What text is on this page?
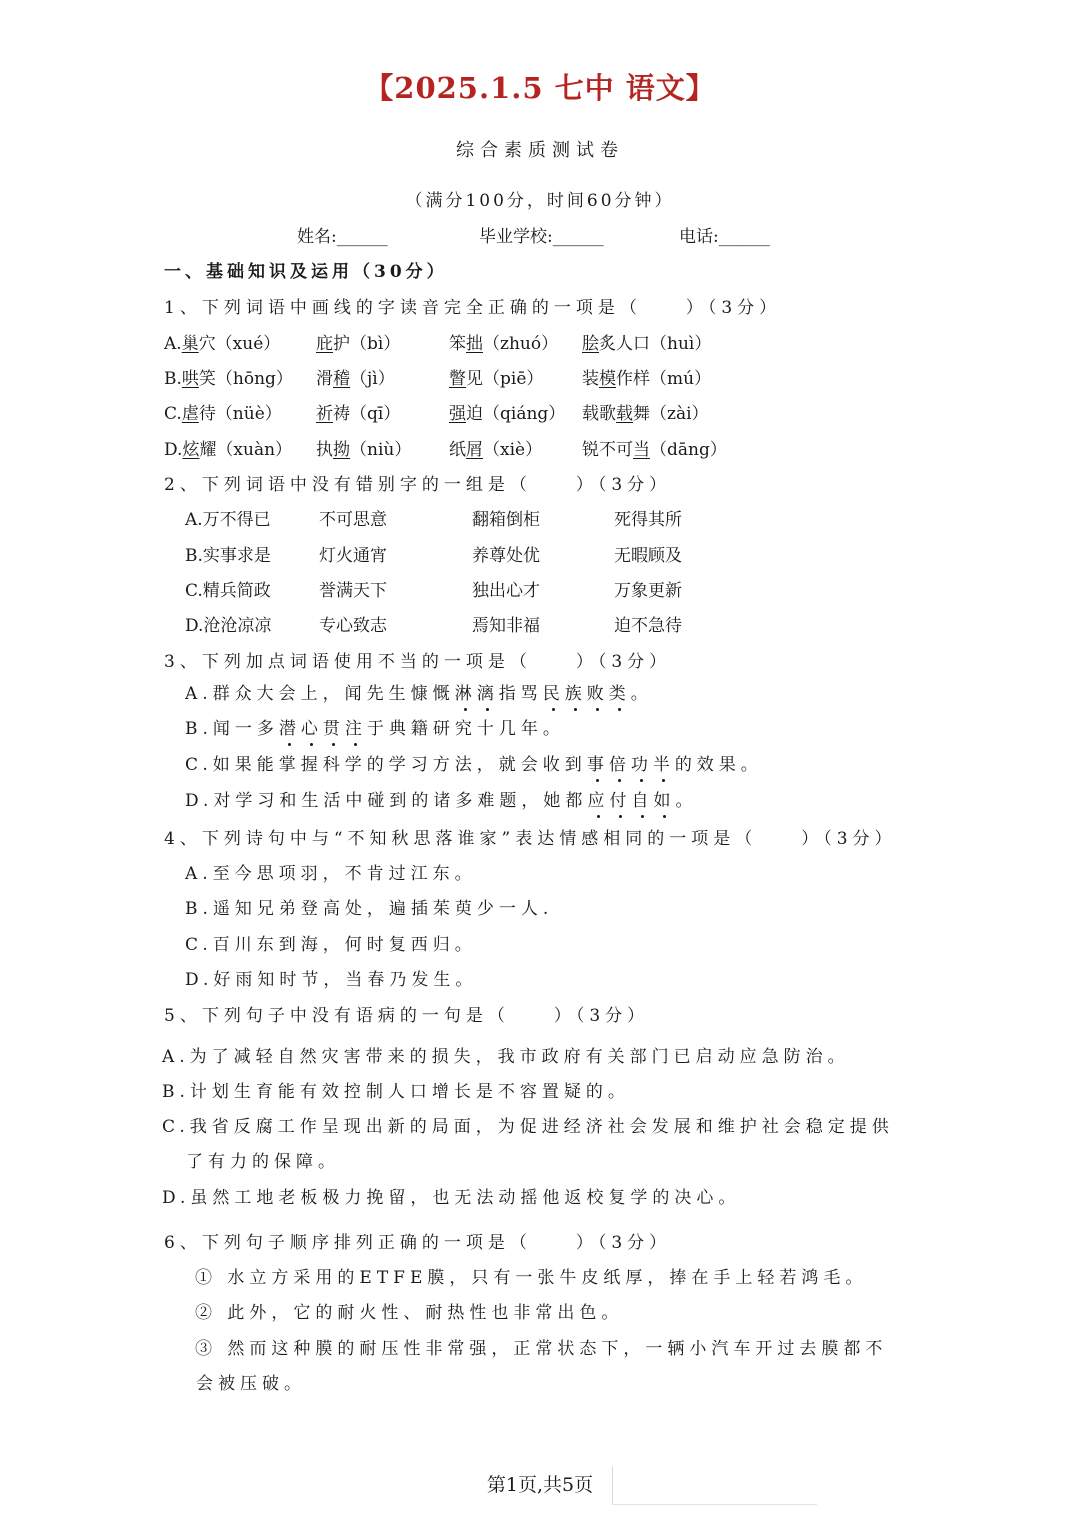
【2025.1.5 七中 语文】
综合素质测试卷
（满分100分，时间60分钟）
姓名:______	毕业学校:______	电话:______
一、基础知识及运用（30分）
1、下列词语中画线的字读音完全正确的一项是（　　）（3分）
A.巢穴（xué） 庇护（bì）	笨拙（zhuó） 脍炙人口（huì）
B.哄笑（hōng） 滑稽（jì）	瞥见（piē） 装模作样（mú）
C.虐待（nüè） 祈祷（qī）	强迫（qiáng） 载歌载舞（zài）
D.炫耀（xuàn） 执拗（niù） 纸屑（xiè） 锐不可当（dāng）
2、下列词语中没有错别字的一组是（　　）（3分）
A.万不得已	不可思意	翻箱倒柜	死得其所
B.实事求是	灯火通宵	养尊处优	无暇顾及
C.精兵简政	誉满天下	独出心才	万象更新
D.沧沧凉凉	专心致志	焉知非福	迫不急待
3、下列加点词语使用不当的一项是（　　）（3分）
A.群众大会上，闻先生慷慨淋漓指骂民族败类。
B.闻一多潜心贯注于典籍研究十几年。
C.如果能掌握科学的学习方法，就会收到事倍功半的效果。
D.对学习和生活中碰到的诸多难题，她都应付自如。
4、下列诗句中与“不知秋思落谁家”表达情感相同的一项是（　　）（3分）
A.至今思项羽，不肯过江东。
B.遥知兄弟登高处，遍插茱萸少一人.
C.百川东到海，何时复西归。
D.好雨知时节，当春乃发生。
5、下列句子中没有语病的一句是（　　）（3分）
A.为了减轻自然灾害带来的损失，我市政府有关部门已启动应急防治。
B.计划生育能有效控制人口增长是不容置疑的。
C.我省反腐工作呈现出新的局面，为促进经济社会发展和维护社会稳定提供
了有力的保障。
D.虽然工地老板极力挽留，也无法动摇他返校复学的决心。
6、下列句子顺序排列正确的一项是（　　）（3分）
① 水立方采用的ETFE膜，只有一张牛皮纸厚，捧在手上轻若鸿毛。
② 此外，它的耐火性、耐热性也非常出色。
③ 然而这种膜的耐压性非常强，正常状态下，一辆小汽车开过去膜都不
会被压破。
第1页,共5页
